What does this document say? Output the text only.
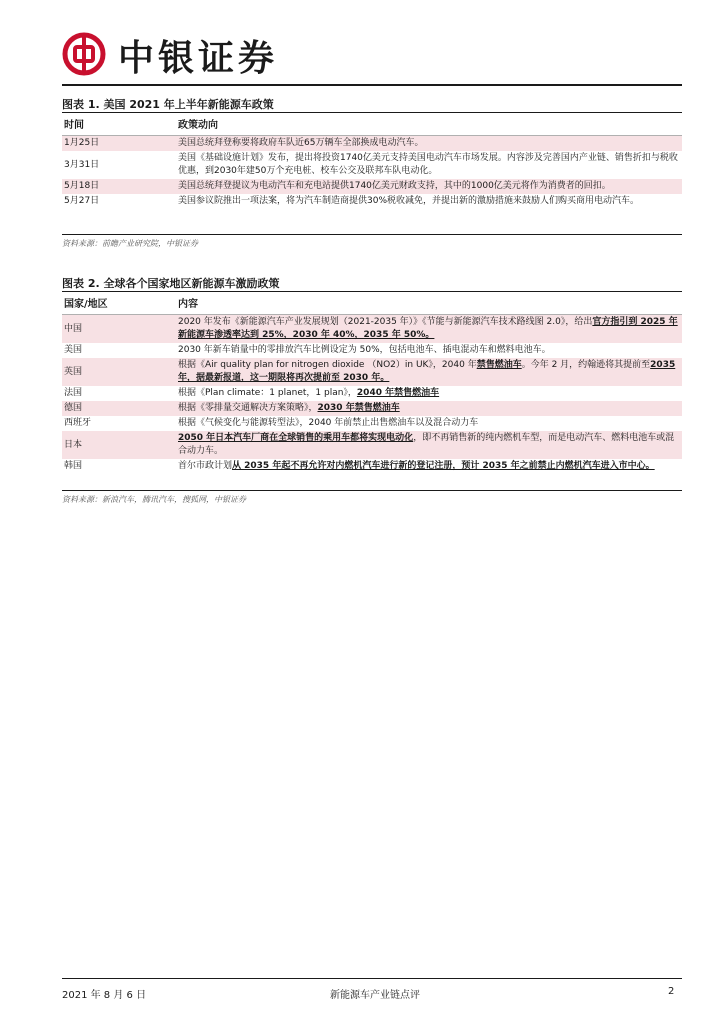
中银证券
图表 1. 美国 2021 年上半年新能源车政策
时间	政策动向
1月25日	美国总统拜登称要将政府车队近65万辆车全部换成电动汽车。
3月31日	美国《基础设施计划》发布，提出将投资1740亿美元支持美国电动汽车市场发展。内容涉及完善国内产业链、销售折扣与税收优惠，到2030年建50万个充电桩、校车公交及联邦车队电动化。
5月18日	美国总统拜登提议为电动汽车和充电站提供1740亿美元财政支持，其中的1000亿美元将作为消费者的回扣。
5月27日	美国参议院推出一项法案，将为汽车制造商提供30%税收减免，并提出新的激励措施来鼓励人们购买商用电动汽车。
资料来源：前瞻产业研究院，中银证券
图表 2. 全球各个国家地区新能源车激励政策
国家/地区	内容
中国	2020 年发布《新能源汽车产业发展规划（2021-2035 年）》《节能与新能源汽车技术路线图 2.0》，给出官方指引到 2025 年新能源车渗透率达到 25%，2030 年 40%，2035 年 50%。
美国	2030 年新车销量中的零排放汽车比例设定为 50%，包括电池车、插电混动车和燃料电池车。
英国	根据《Air quality plan for nitrogen dioxide （NO2）in UK》，2040 年禁售燃油车。今年 2 月，约翰逊将其提前至2035 年，据最新报道，这一期限将再次提前至 2030 年。
法国	根据《Plan climate：1 planet，1 plan》，2040 年禁售燃油车
德国	根据《零排量交通解决方案策略》，2030 年禁售燃油车
西班牙	根据《气候变化与能源转型法》，2040 年前禁止出售燃油车以及混合动力车
日本	2050 年日本汽车厂商在全球销售的乘用车都将实现电动化，即不再销售新的纯内燃机车型，而是电动汽车、燃料电池车或混合动力车。
韩国	首尔市政计划从 2035 年起不再允许对内燃机汽车进行新的登记注册，预计 2035 年之前禁止内燃机汽车进入市中心。
资料来源：新浪汽车，腾讯汽车，搜狐网，中银证券
2021 年 8 月 6 日	新能源车产业链点评	2
